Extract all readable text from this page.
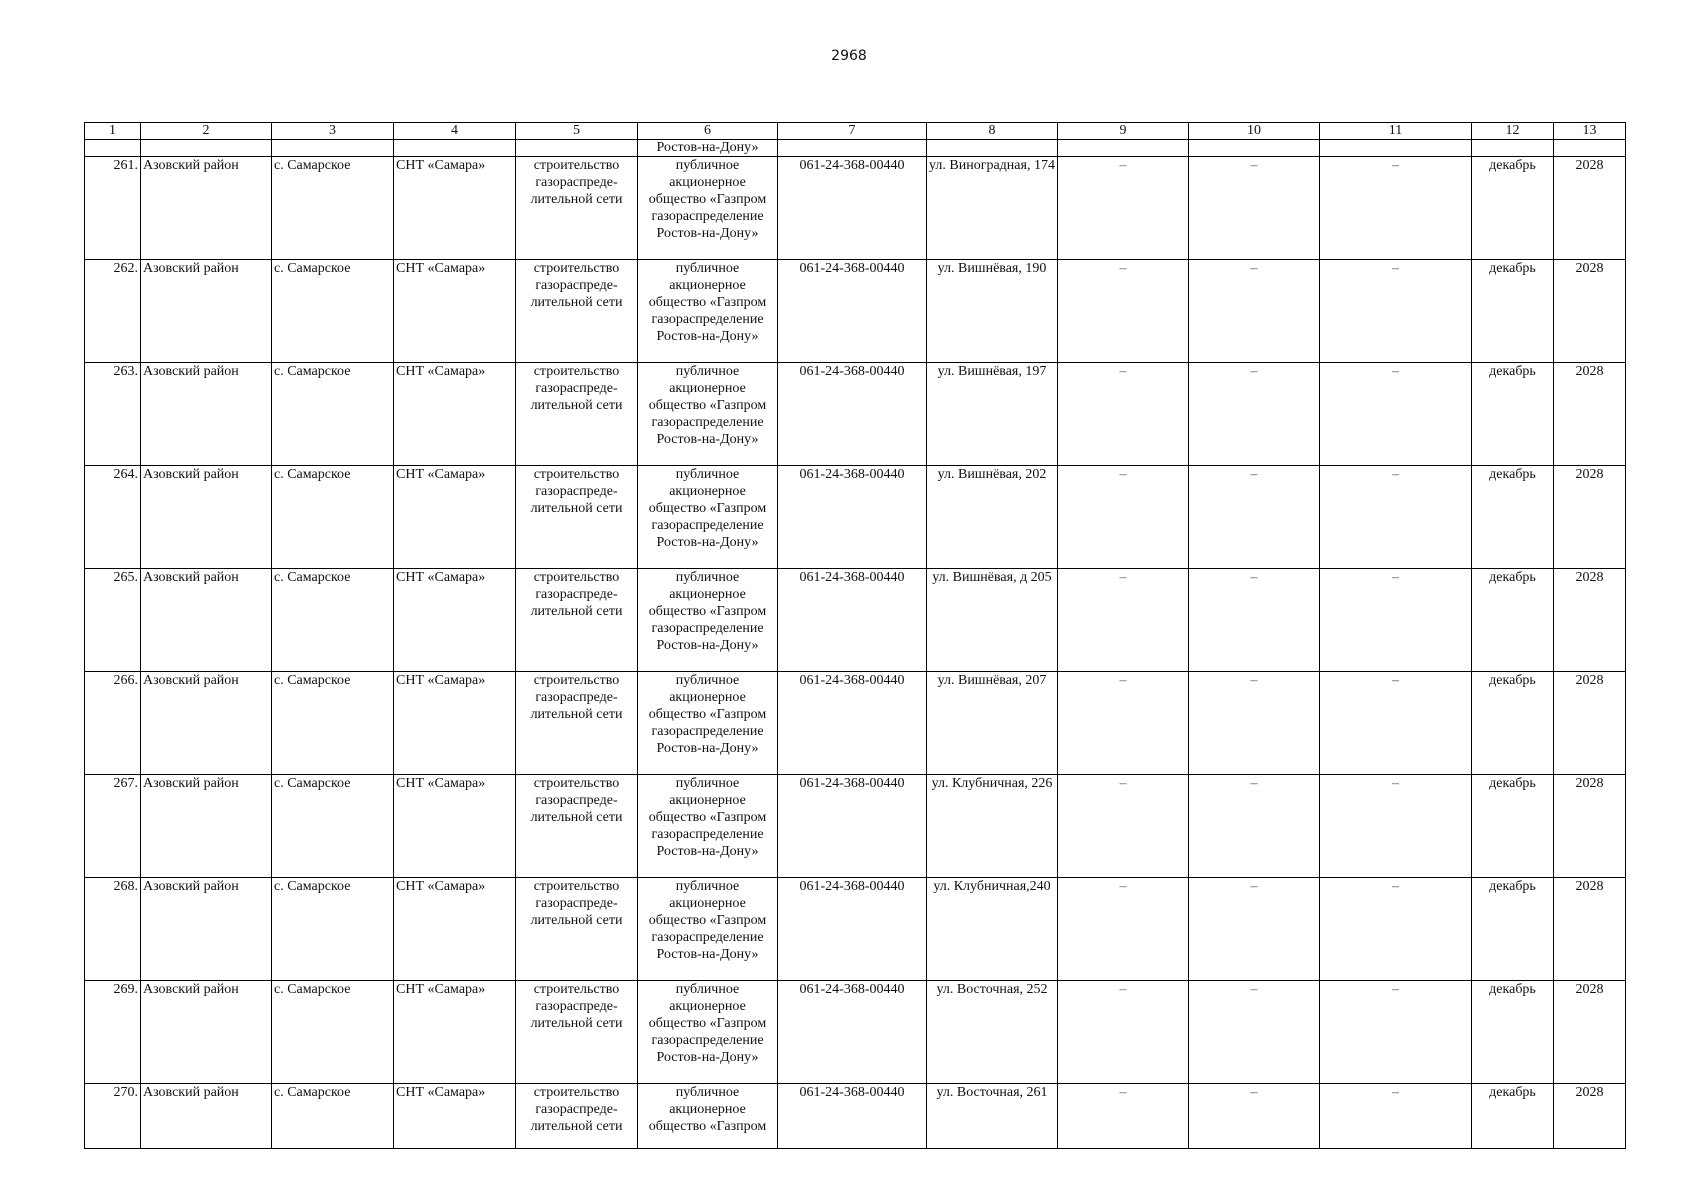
2968
1	2	3	4	5	6	7	8	9	10	11	12	13
					Ростов-на-Дону»							
261.	Азовский район	с. Самарское	СНТ «Самара»	строительство газораспреде-лительной сети	публичное акционерное общество «Газпром газораспределение Ростов-на-Дону»	061-24-368-00440	ул. Виноградная, 174	–	–	–	декабрь	2028
262.	Азовский район	с. Самарское	СНТ «Самара»	строительство газораспреде-лительной сети	публичное акционерное общество «Газпром газораспределение Ростов-на-Дону»	061-24-368-00440	ул. Вишнёвая, 190	–	–	–	декабрь	2028
263.	Азовский район	с. Самарское	СНТ «Самара»	строительство газораспреде-лительной сети	публичное акционерное общество «Газпром газораспределение Ростов-на-Дону»	061-24-368-00440	ул. Вишнёвая, 197	–	–	–	декабрь	2028
264.	Азовский район	с. Самарское	СНТ «Самара»	строительство газораспреде-лительной сети	публичное акционерное общество «Газпром газораспределение Ростов-на-Дону»	061-24-368-00440	ул. Вишнёвая, 202	–	–	–	декабрь	2028
265.	Азовский район	с. Самарское	СНТ «Самара»	строительство газораспреде-лительной сети	публичное акционерное общество «Газпром газораспределение Ростов-на-Дону»	061-24-368-00440	ул. Вишнёвая, д 205	–	–	–	декабрь	2028
266.	Азовский район	с. Самарское	СНТ «Самара»	строительство газораспреде-лительной сети	публичное акционерное общество «Газпром газораспределение Ростов-на-Дону»	061-24-368-00440	ул. Вишнёвая, 207	–	–	–	декабрь	2028
267.	Азовский район	с. Самарское	СНТ «Самара»	строительство газораспреде-лительной сети	публичное акционерное общество «Газпром газораспределение Ростов-на-Дону»	061-24-368-00440	ул. Клубничная, 226	–	–	–	декабрь	2028
268.	Азовский район	с. Самарское	СНТ «Самара»	строительство газораспреде-лительной сети	публичное акционерное общество «Газпром газораспределение Ростов-на-Дону»	061-24-368-00440	ул. Клубничная,240	–	–	–	декабрь	2028
269.	Азовский район	с. Самарское	СНТ «Самара»	строительство газораспреде-лительной сети	публичное акционерное общество «Газпром газораспределение Ростов-на-Дону»	061-24-368-00440	ул. Восточная, 252	–	–	–	декабрь	2028
270.	Азовский район	с. Самарское	СНТ «Самара»	строительство газораспреде-лительной сети	публичное акционерное общество «Газпром	061-24-368-00440	ул. Восточная, 261	–	–	–	декабрь	2028
